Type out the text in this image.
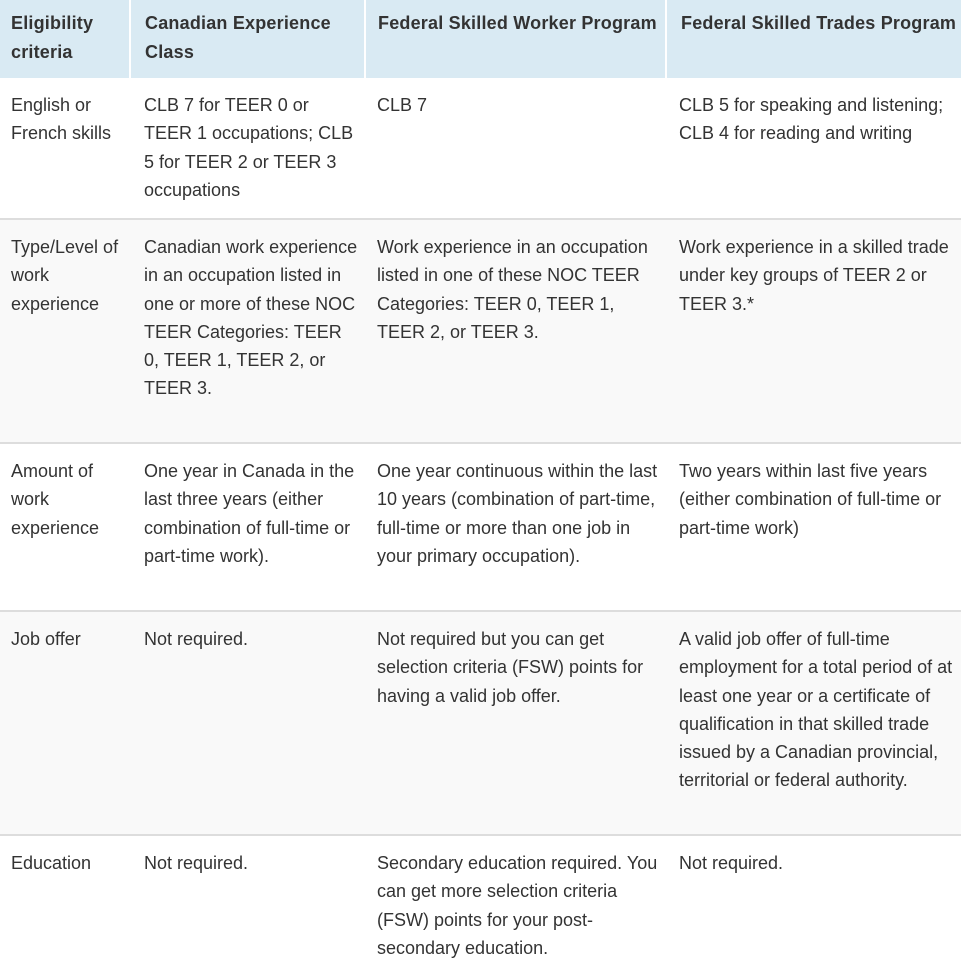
Eligibility criteria	Canadian Experience Class	Federal Skilled Worker Program	Federal Skilled Trades Program
English or French skills	CLB 7 for TEER 0 or TEER 1 occupations; CLB 5 for TEER 2 or TEER 3 occupations	CLB 7	CLB 5 for speaking and listening; CLB 4 for reading and writing
Type/Level of work experience	Canadian work experience in an occupation listed in one or more of these NOC TEER Categories: TEER 0, TEER 1, TEER 2, or TEER 3.	Work experience in an occupation listed in one of these NOC TEER Categories: TEER 0, TEER 1, TEER 2, or TEER 3.	Work experience in a skilled trade under key groups of TEER 2 or TEER 3.*
Amount of work experience	One year in Canada in the last three years (either combination of full-time or part-time work).	One year continuous within the last 10 years (combination of part-time, full-time or more than one job in your primary occupation).	Two years within last five years (either combination of full-time or part-time work)
Job offer	Not required.	Not required but you can get selection criteria (FSW) points for having a valid job offer.	A valid job offer of full-time employment for a total period of at least one year or a certificate of qualification in that skilled trade issued by a Canadian provincial, territorial or federal authority.
Education	Not required.	Secondary education required. You can get more selection criteria (FSW) points for your post-secondary education.	Not required.
